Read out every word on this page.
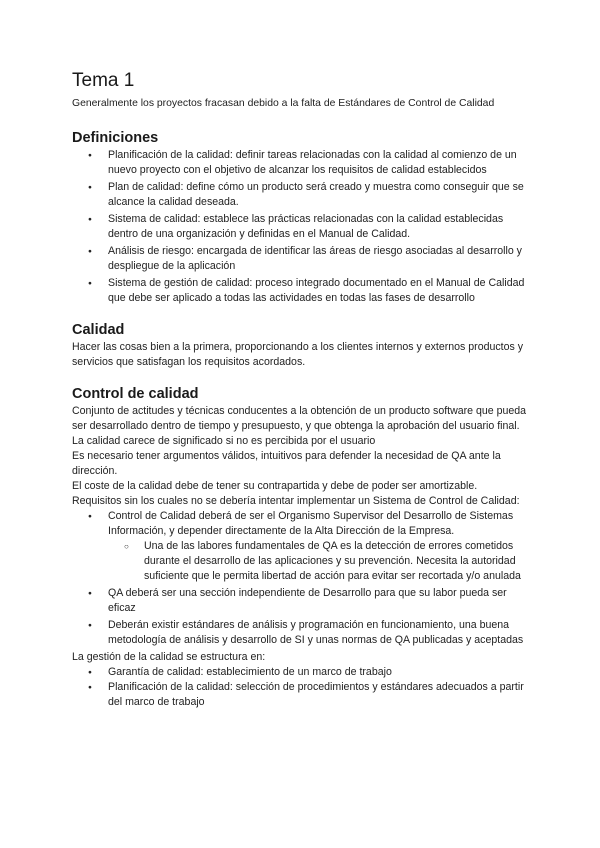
Tema 1

Generalmente los proyectos fracasan debido a la falta de Estándares de Control de Calidad

Definiciones
● Planificación de la calidad: definir tareas relacionadas con la calidad al comienzo de un nuevo proyecto con el objetivo de alcanzar los requisitos de calidad establecidos
● Plan de calidad: define cómo un producto será creado y muestra como conseguir que se alcance la calidad deseada.
● Sistema de calidad: establece las prácticas relacionadas con la calidad establecidas dentro de una organización y definidas en el Manual de Calidad.
● Análisis de riesgo: encargada de identificar las áreas de riesgo asociadas al desarrollo y despliegue de la aplicación
● Sistema de gestión de calidad: proceso integrado documentado en el Manual de Calidad que debe ser aplicado a todas las actividades en todas las fases de desarrollo
Calidad

Hacer las cosas bien a la primera, proporcionando a los clientes internos y externos productos y servicios que satisfagan los requisitos acordados.

Control de calidad

Conjunto de actitudes y técnicas conducentes a la obtención de un producto software que pueda ser desarrollado dentro de tiempo y presupuesto, y que obtenga la aprobación del usuario final.

La calidad carece de significado si no es percibida por el usuario

Es necesario tener argumentos válidos, intuitivos para defender la necesidad de QA ante la dirección.

El coste de la calidad debe de tener su contrapartida y debe de poder ser amortizable.

Requisitos sin los cuales no se debería intentar implementar un Sistema de Control de Calidad:

● Control de Calidad deberá de ser el Organismo Supervisor del Desarrollo de Sistemas Información, y depender directamente de la Alta Dirección de la Empresa.
○ Una de las labores fundamentales de QA es la detección de errores cometidos durante el desarrollo de las aplicaciones y su prevención. Necesita la autoridad suficiente que le permita libertad de acción para evitar ser recortada y/o anulada
● QA deberá ser una sección independiente de Desarrollo para que su labor pueda ser eficaz
● Deberán existir estándares de análisis y programación en funcionamiento, una buena metodología de análisis y desarrollo de SI y unas normas de QA publicadas y aceptadas

La gestión de la calidad se estructura en:

● Garantía de calidad: establecimiento de un marco de trabajo
● Planificación de la calidad: selección de procedimientos y estándares adecuados a partir del marco de trabajo
